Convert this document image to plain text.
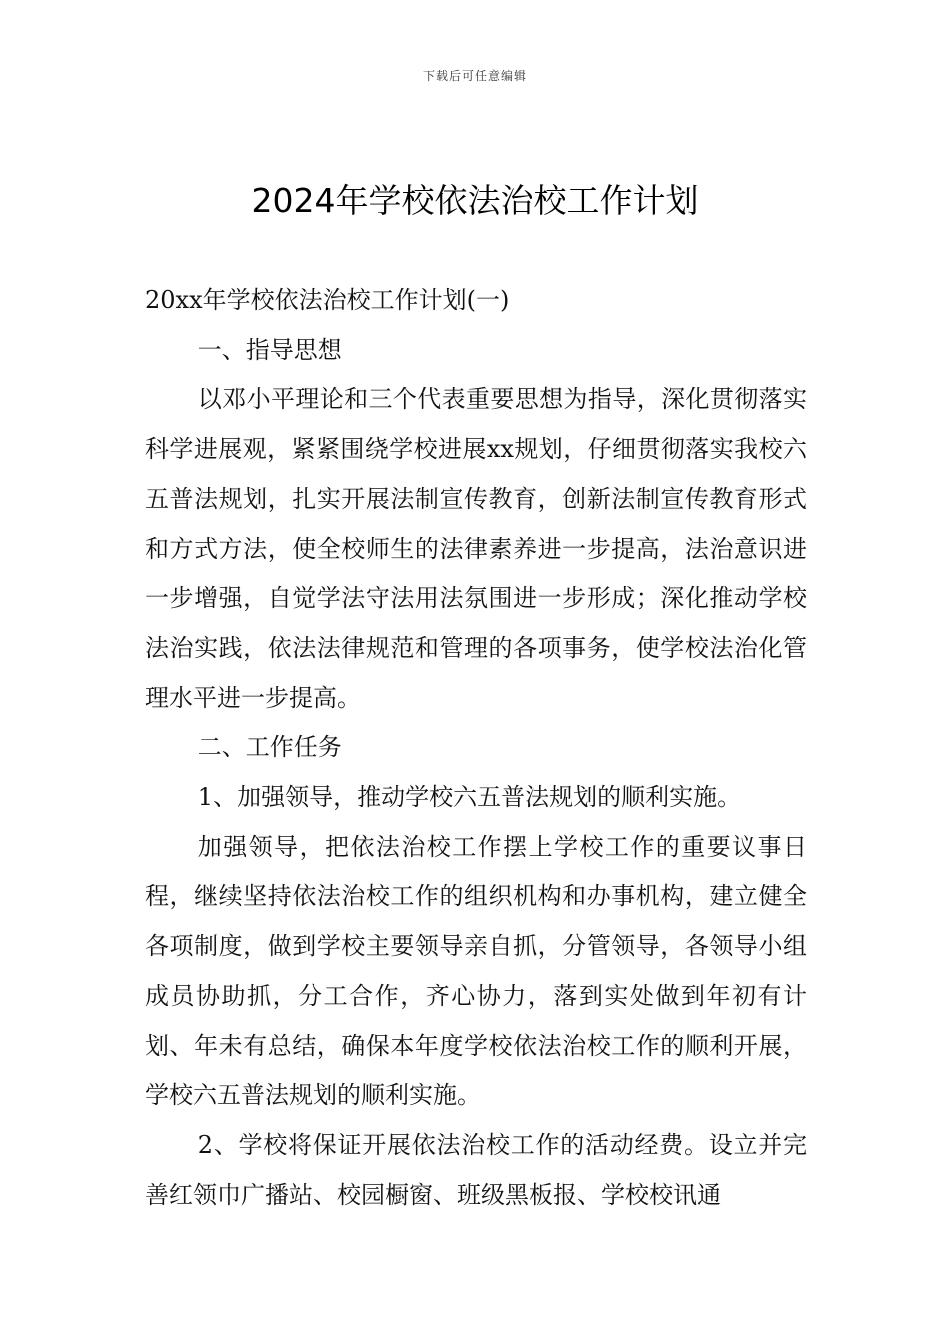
下载后可任意编辑
2024年学校依法治校工作计划

20xx年学校依法治校工作计划(一)

一、指导思想

以邓小平理论和三个代表重要思想为指导，深化贯彻落实科学进展观，紧紧围绕学校进展xx规划，仔细贯彻落实我校六五普法规划，扎实开展法制宣传教育，创新法制宣传教育形式和方式方法，使全校师生的法律素养进一步提高，法治意识进一步增强，自觉学法守法用法氛围进一步形成；深化推动学校法治实践，依法法律规范和管理的各项事务，使学校法治化管理水平进一步提高。

二、工作任务

1、加强领导，推动学校六五普法规划的顺利实施。

加强领导，把依法治校工作摆上学校工作的重要议事日程，继续坚持依法治校工作的组织机构和办事机构，建立健全各项制度，做到学校主要领导亲自抓，分管领导，各领导小组成员协助抓，分工合作，齐心协力，落到实处做到年初有计划、年未有总结，确保本年度学校依法治校工作的顺利开展，学校六五普法规划的顺利实施。

2、学校将保证开展依法治校工作的活动经费。设立并完善红领巾广播站、校园橱窗、班级黑板报、学校校讯通
